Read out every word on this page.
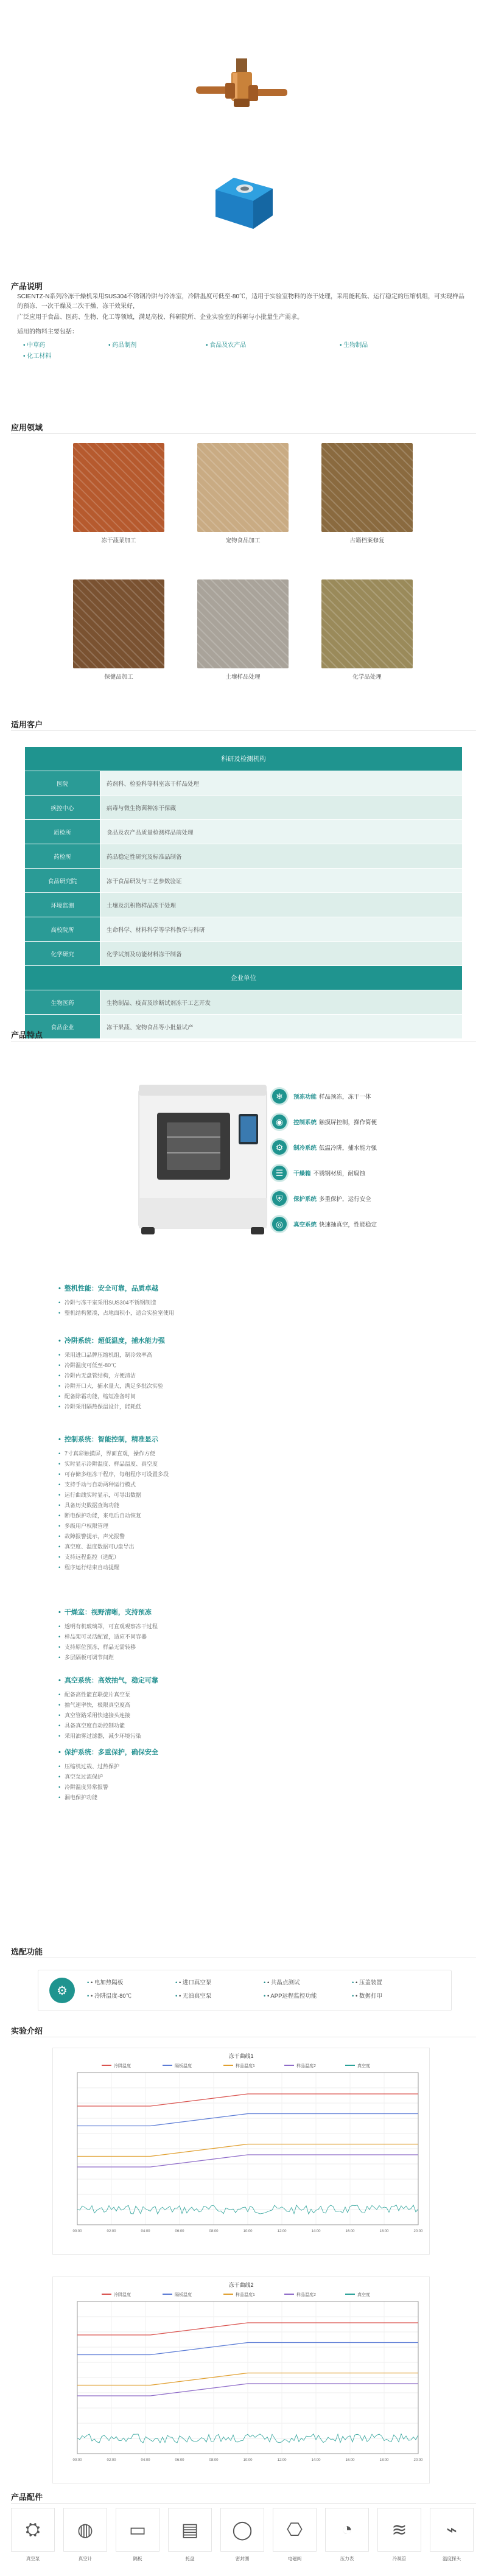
产品说明

SCIENTZ-N系列冷冻干燥机采用SUS304不锈钢冷阱与冷冻室，冷阱温度可低至-80℃，适用于实验室物料的冻干处理，采用能耗低、运行稳定的压缩机组，可实现样品的预冻、一次干燥及二次干燥，冻干效果好，

广泛应用于食品、医药、生物、化工等领域，满足高校、科研院所、企业实验室的科研与小批量生产需求。

适用的物料主要包括：

• 中草药	• 药品制剂	• 食品及农产品	• 生物制品
• 化工材料
应用领域
冻干蔬菜加工	宠物食品加工	古籍档案修复
保健品加工	土壤样品处理	化学品处理
适用客户
科研及检测机构	
医院	药剂科、检验科等科室冻干样品处理
疾控中心	病毒与微生物菌种冻干保藏
质检所	食品及农产品质量检测样品前处理
药检所	药品稳定性研究及标准品制备
食品研究院	冻干食品研发与工艺参数验证
环境监测	土壤及沉积物样品冻干处理
高校院所	生命科学、材料科学等学科教学与科研
化学研究	化学试剂及功能材料冻干制备
企业单位	
生物医药	生物制品、疫苗及诊断试剂冻干工艺开发
食品企业	冻干果蔬、宠物食品等小批量试产
产品特点
❄	预冻功能 样品预冻，冻干一体
◉	控制系统 触摸屏控制，操作简便
⚙	制冷系统 低温冷阱，捕水能力强
☰	干燥箱 不锈钢材质，耐腐蚀
⛨	保护系统 多重保护，运行安全
◎	真空系统 快速抽真空，性能稳定
• 整机性能：安全可靠，品质卓越
• 冷阱与冻干室采用SUS304不锈钢制造
• 整机结构紧凑，占地面积小，适合实验室使用
• 冷阱系统：超低温度，捕水能力强
• 采用进口品牌压缩机组，制冷效率高
• 冷阱温度可低至-80℃
• 冷阱内无盘管结构，方便清洁
• 冷阱开口大，捕水量大，满足多批次实验
• 配备除霜功能，缩短准备时间
• 冷阱采用隔热保温设计，能耗低
• 控制系统：智能控制，精准显示
• 7寸真彩触摸屏，界面直观，操作方便
• 实时显示冷阱温度、样品温度、真空度
• 可存储多组冻干程序，每组程序可设置多段
• 支持手动与自动两种运行模式
• 运行曲线实时显示，可导出数据
• 具备历史数据查询功能
• 断电保护功能，来电后自动恢复
• 多级用户权限管理
• 故障报警提示，声光报警
• 真空度、温度数据可U盘导出
• 支持远程监控（选配）
• 程序运行结束自动提醒
• 干燥室：视野清晰，支持预冻
• 透明有机玻璃罩，可直观观察冻干过程
• 样品架可灵活配置，适应不同容器
• 支持原位预冻，样品无需转移
• 多层隔板可调节间距
• 真空系统：高效抽气，稳定可靠
• 配备高性能直联旋片真空泵
• 抽气速率快，极限真空度高
• 真空管路采用快速接头连接
• 具备真空度自动控制功能
• 采用油雾过滤器，减少环境污染
• 保护系统：多重保护，确保安全
• 压缩机过载、过热保护
• 真空泵过流保护
• 冷阱温度异常报警
• 漏电保护功能
选配功能
⚙
• • 电加热隔板	• • 进口真空泵	• • 共晶点测试	• • 压盖装置
• • 冷阱温度-80℃	• • 无油真空泵	• • APP远程监控功能	• • 数据打印
实验介绍
冻干曲线1
冷阱温度	隔板温度	样品温度1	样品温度2	真空度
00:00	02:00	04:00	06:00	08:00	10:00	12:00	14:00	16:00	18:00	20:00
冻干曲线2
冷阱温度	隔板温度	样品温度1	样品温度2	真空度
00:00	02:00	04:00	06:00	08:00	10:00	12:00	14:00	16:00	18:00	20:00
产品配件
⛭
真空泵
◍
真空计
▭
隔板
▤
托盘
◯
密封圈
⎔
电磁阀
◔
压力表
≋
冷凝管
⌁
温度探头
